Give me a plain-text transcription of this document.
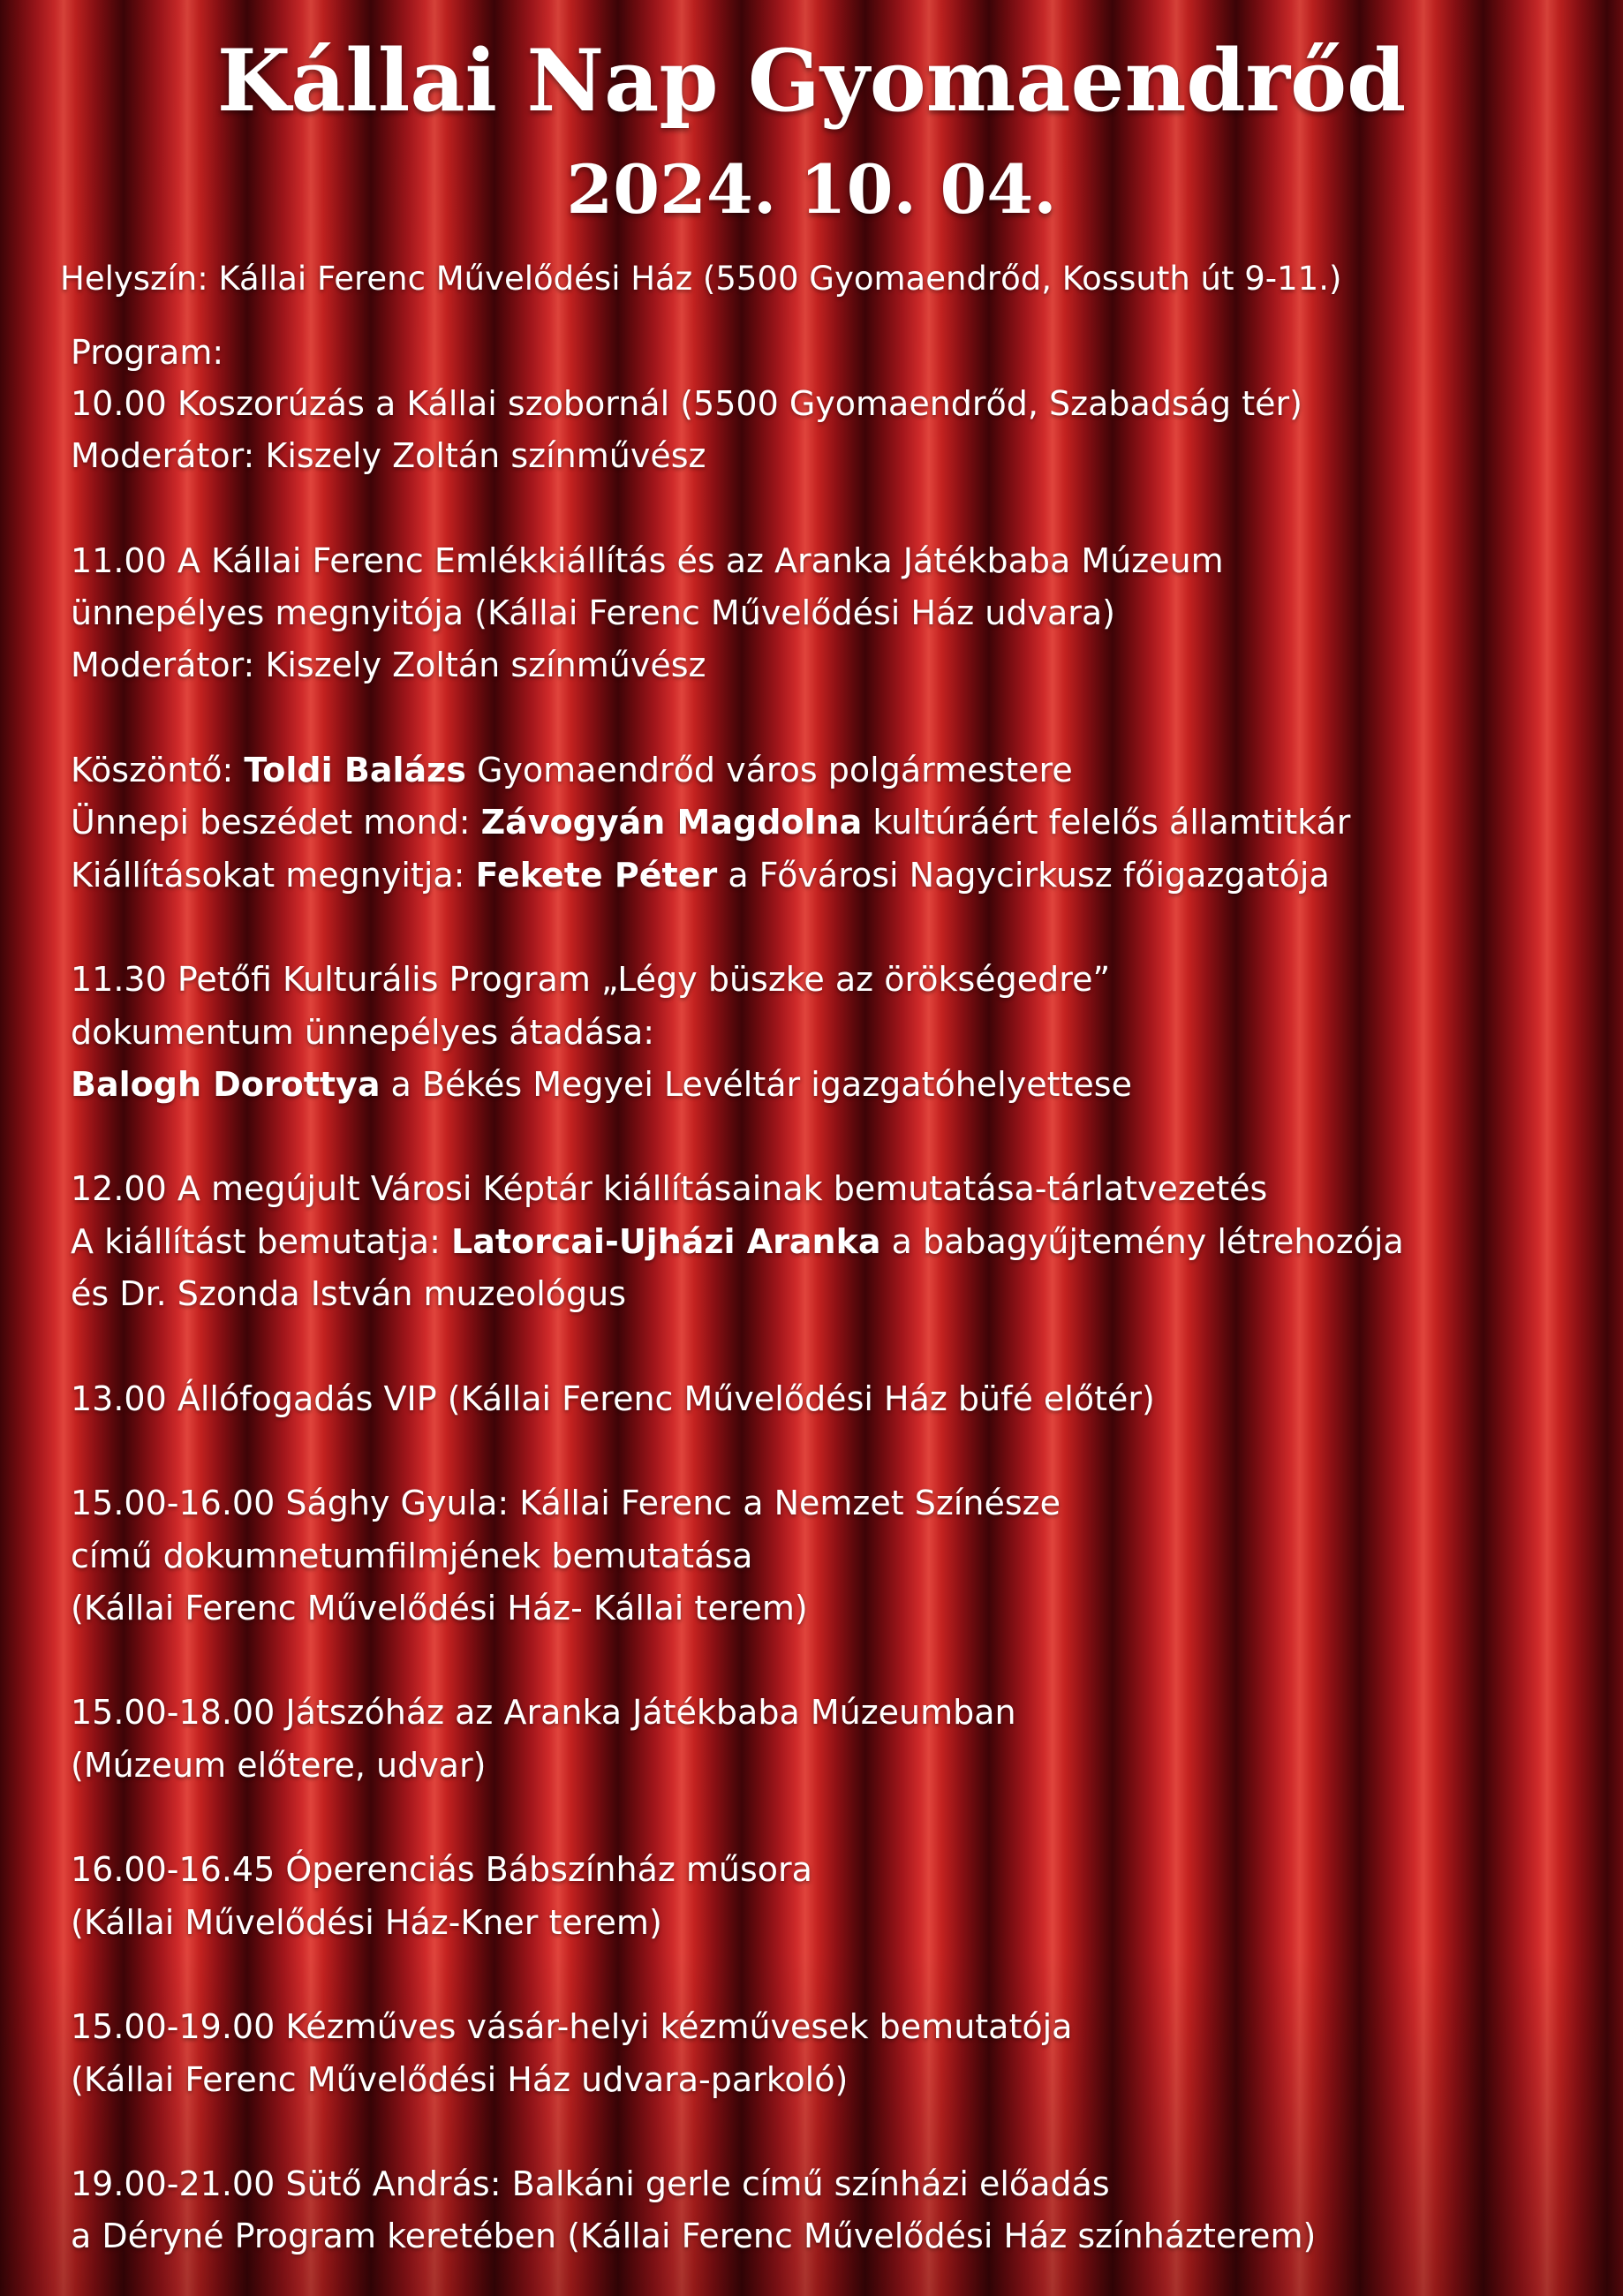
Kállai Nap Gyomaendrőd
2024. 10. 04.
Helyszín: Kállai Ferenc Művelődési Ház (5500 Gyomaendrőd, Kossuth út 9-11.)
Program:
10.00 Koszorúzás a Kállai szobornál (5500 Gyomaendrőd, Szabadság tér)
Moderátor: Kiszely Zoltán színművész
11.00 A Kállai Ferenc Emlékkiállítás és az Aranka Játékbaba Múzeum
ünnepélyes megnyitója (Kállai Ferenc Művelődési Ház udvara)
Moderátor: Kiszely Zoltán színművész
Köszöntő: Toldi Balázs Gyomaendrőd város polgármestere
Ünnepi beszédet mond: Závogyán Magdolna kultúráért felelős államtitkár
Kiállításokat megnyitja: Fekete Péter a Fővárosi Nagycirkusz főigazgatója
11.30 Petőfi Kulturális Program „Légy büszke az örökségedre”
dokumentum ünnepélyes átadása:
Balogh Dorottya a Békés Megyei Levéltár igazgatóhelyettese
12.00 A megújult Városi Képtár kiállításainak bemutatása-tárlatvezetés
A kiállítást bemutatja: Latorcai-Ujházi Aranka a babagyűjtemény létrehozója
és Dr. Szonda István muzeológus
13.00 Állófogadás VIP (Kállai Ferenc Művelődési Ház büfé előtér)
15.00-16.00 Sághy Gyula: Kállai Ferenc a Nemzet Színésze
című dokumnetumfilmjének bemutatása
(Kállai Ferenc Művelődési Ház- Kállai terem)
15.00-18.00 Játszóház az Aranka Játékbaba Múzeumban
(Múzeum előtere, udvar)
16.00-16.45 Óperenciás Bábszínház műsora
(Kállai Művelődési Ház-Kner terem)
15.00-19.00 Kézműves vásár-helyi kézművesek bemutatója
(Kállai Ferenc Művelődési Ház udvara-parkoló)
19.00-21.00 Sütő András: Balkáni gerle című színházi előadás
a Déryné Program keretében (Kállai Ferenc Művelődési Ház színházterem)
